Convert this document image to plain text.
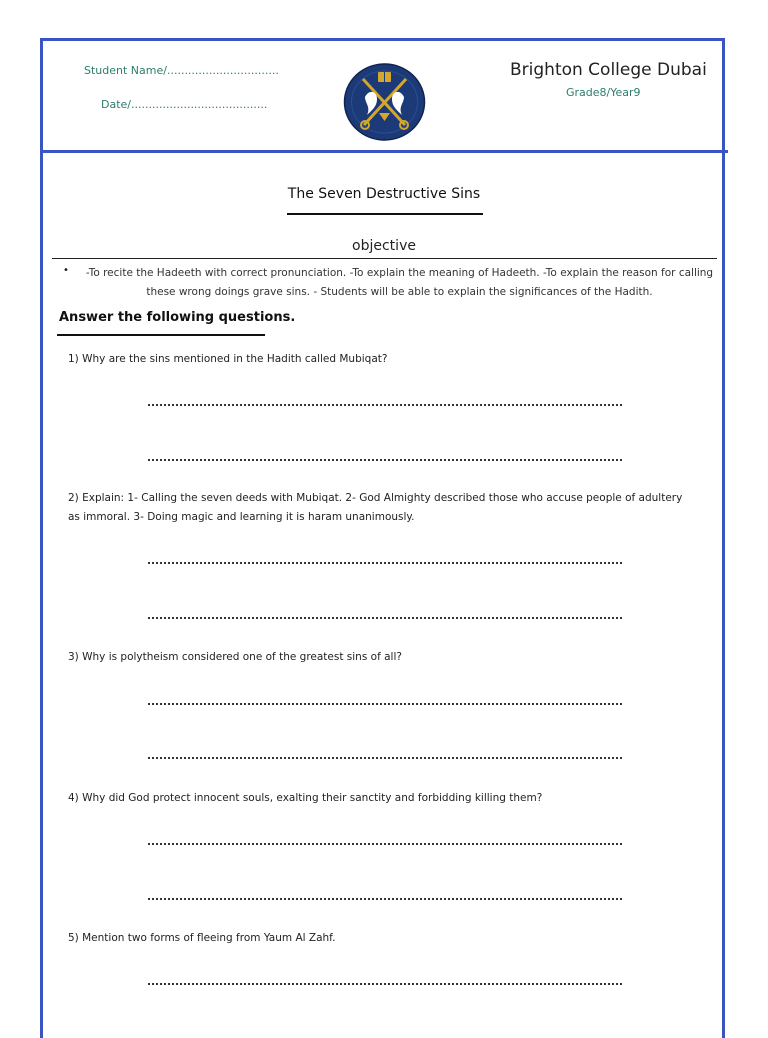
Student Name/................................
Date/.......................................
Brighton College Dubai
Grade8/Year9
The Seven Destructive Sins
objective
•	-To recite the Hadeeth with correct pronunciation. -To explain the meaning of Hadeeth. -To explain the reason for calling these wrong doings grave sins. - Students will be able to explain the significances of the Hadith.
Answer the following questions.
1) Why are the sins mentioned in the Hadith called Mubiqat?
2) Explain: 1- Calling the seven deeds with Mubiqat. 2- God Almighty described those who accuse people of adultery as immoral. 3- Doing magic and learning it is haram unanimously.
3) Why is polytheism considered one of the greatest sins of all?
4) Why did God protect innocent souls, exalting their sanctity and forbidding killing them?
5) Mention two forms of fleeing from Yaum Al Zahf.
